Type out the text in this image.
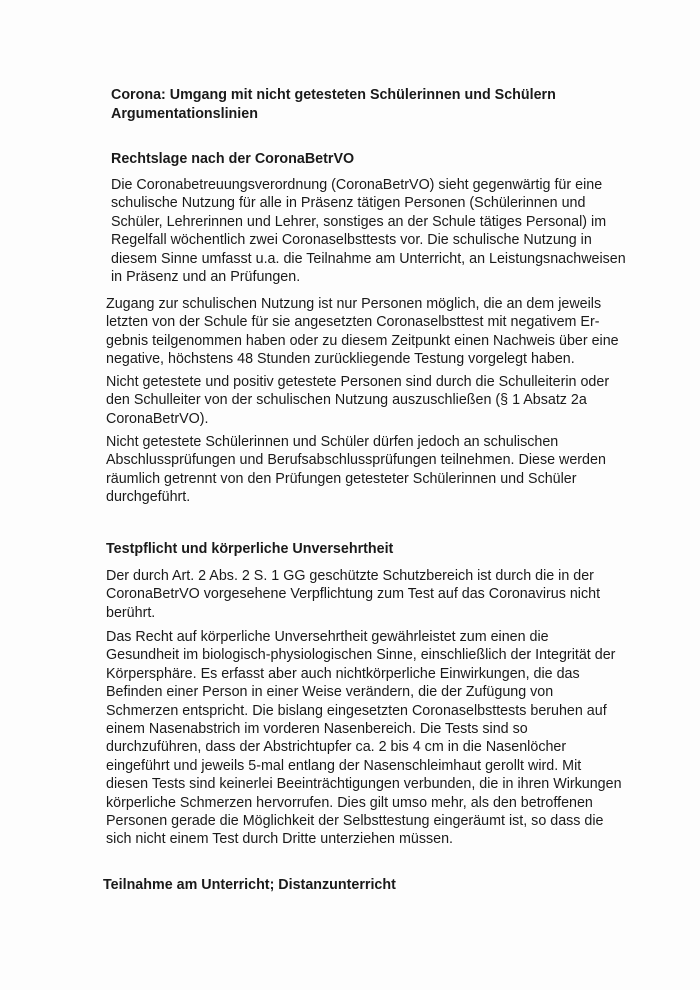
Corona: Umgang mit nicht getesteten Schülerinnen und Schülern
Argumentationslinien
Rechtslage nach der CoronaBetrVO
Die Coronabetreuungsverordnung (CoronaBetrVO) sieht gegenwärtig für eine
schulische Nutzung für alle in Präsenz tätigen Personen (Schülerinnen und
Schüler, Lehrerinnen und Lehrer, sonstiges an der Schule tätiges Personal) im
Regelfall wöchentlich zwei Coronaselbsttests vor. Die schulische Nutzung in
diesem Sinne umfasst u.a. die Teilnahme am Unterricht, an Leistungsnachweisen
in Präsenz und an Prüfungen.
Zugang zur schulischen Nutzung ist nur Personen möglich, die an dem jeweils
letzten von der Schule für sie angesetzten Coronaselbsttest mit negativem Er-
gebnis teilgenommen haben oder zu diesem Zeitpunkt einen Nachweis über eine
negative, höchstens 48 Stunden zurückliegende Testung vorgelegt haben.
Nicht getestete und positiv getestete Personen sind durch die Schulleiterin oder
den Schulleiter von der schulischen Nutzung auszuschließen (§ 1 Absatz 2a
CoronaBetrVO).
Nicht getestete Schülerinnen und Schüler dürfen jedoch an schulischen
Abschlussprüfungen und Berufsabschlussprüfungen teilnehmen. Diese werden
räumlich getrennt von den Prüfungen getesteter Schülerinnen und Schüler
durchgeführt.
Testpflicht und körperliche Unversehrtheit
Der durch Art. 2 Abs. 2 S. 1 GG geschützte Schutzbereich ist durch die in der
CoronaBetrVO vorgesehene Verpflichtung zum Test auf das Coronavirus nicht
berührt.
Das Recht auf körperliche Unversehrtheit gewährleistet zum einen die
Gesundheit im biologisch-physiologischen Sinne, einschließlich der Integrität der
Körpersphäre. Es erfasst aber auch nichtkörperliche Einwirkungen, die das
Befinden einer Person in einer Weise verändern, die der Zufügung von
Schmerzen entspricht. Die bislang eingesetzten Coronaselbsttests beruhen auf
einem Nasenabstrich im vorderen Nasenbereich. Die Tests sind so
durchzuführen, dass der Abstrichtupfer ca. 2 bis 4 cm in die Nasenlöcher
eingeführt und jeweils 5-mal entlang der Nasenschleimhaut gerollt wird. Mit
diesen Tests sind keinerlei Beeinträchtigungen verbunden, die in ihren Wirkungen
körperliche Schmerzen hervorrufen. Dies gilt umso mehr, als den betroffenen
Personen gerade die Möglichkeit der Selbsttestung eingeräumt ist, so dass die
sich nicht einem Test durch Dritte unterziehen müssen.
Teilnahme am Unterricht; Distanzunterricht
